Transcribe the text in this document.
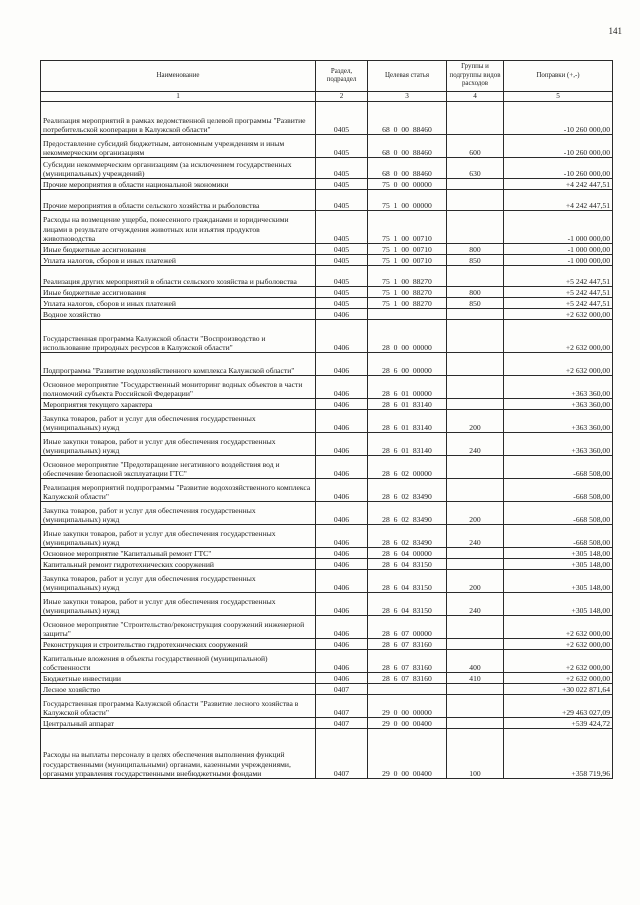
141
Наименование	Раздел, подраздел	Целевая статья	Группы и подгруппы видов расходов	Поправки (+,-)
1	2	3	4	5
Реализация мероприятий в рамках ведомственной целевой программы "Развитие потребительской кооперации в Калужской области"	0405	68 0 00 88460		-10 260 000,00
Предоставление субсидий бюджетным, автономным учреждениям и иным некоммерческим организациям	0405	68 0 00 88460	600	-10 260 000,00
Субсидии некоммерческим организациям (за исключением государственных (муниципальных) учреждений)	0405	68 0 00 88460	630	-10 260 000,00
Прочие мероприятия в области национальной экономики	0405	75 0 00 00000		+4 242 447,51
Прочие мероприятия в области сельского хозяйства и рыболовства	0405	75 1 00 00000		+4 242 447,51
Расходы на возмещение ущерба, понесенного гражданами и юридическими лицами в результате отчуждения животных или изъятия продуктов животноводства	0405	75 1 00 00710		-1 000 000,00
Иные бюджетные ассигнования	0405	75 1 00 00710	800	-1 000 000,00
Уплата налогов, сборов и иных платежей	0405	75 1 00 00710	850	-1 000 000,00
Реализация других мероприятий в области сельского хозяйства и рыболовства	0405	75 1 00 88270		+5 242 447,51
Иные бюджетные ассигнования	0405	75 1 00 88270	800	+5 242 447,51
Уплата налогов, сборов и иных платежей	0405	75 1 00 88270	850	+5 242 447,51
Водное хозяйство	0406			+2 632 000,00
Государственная программа Калужской области "Воспроизводство и использование природных ресурсов в Калужской области"	0406	28 0 00 00000		+2 632 000,00
Подпрограмма "Развитие водохозяйственного комплекса Калужской области"	0406	28 6 00 00000		+2 632 000,00
Основное мероприятие "Государственный мониторинг водных объектов в части полномочий субъекта Российской Федерации"	0406	28 6 01 00000		+363 360,00
Мероприятия текущего характера	0406	28 6 01 83140		+363 360,00
Закупка товаров, работ и услуг для обеспечения государственных (муниципальных) нужд	0406	28 6 01 83140	200	+363 360,00
Иные закупки товаров, работ и услуг для обеспечения государственных (муниципальных) нужд	0406	28 6 01 83140	240	+363 360,00
Основное мероприятие "Предотвращение негативного воздействия вод и обеспечение безопасной эксплуатации ГТС"	0406	28 6 02 00000		-668 508,00
Реализация мероприятий подпрограммы "Развитие водохозяйственного комплекса Калужской области"	0406	28 6 02 83490		-668 508,00
Закупка товаров, работ и услуг для обеспечения государственных (муниципальных) нужд	0406	28 6 02 83490	200	-668 508,00
Иные закупки товаров, работ и услуг для обеспечения государственных (муниципальных) нужд	0406	28 6 02 83490	240	-668 508,00
Основное мероприятие "Капитальный ремонт ГТС"	0406	28 6 04 00000		+305 148,00
Капитальный ремонт гидротехнических сооружений	0406	28 6 04 83150		+305 148,00
Закупка товаров, работ и услуг для обеспечения государственных (муниципальных) нужд	0406	28 6 04 83150	200	+305 148,00
Иные закупки товаров, работ и услуг для обеспечения государственных (муниципальных) нужд	0406	28 6 04 83150	240	+305 148,00
Основное мероприятие "Строительство/реконструкция сооружений инженерной защиты"	0406	28 6 07 00000		+2 632 000,00
Реконструкция и строительство гидротехнических сооружений	0406	28 6 07 83160		+2 632 000,00
Капитальные вложения в объекты государственной (муниципальной) собственности	0406	28 6 07 83160	400	+2 632 000,00
Бюджетные инвестиции	0406	28 6 07 83160	410	+2 632 000,00
Лесное хозяйство	0407			+30 022 871,64
Государственная программа Калужской области "Развитие лесного хозяйства в Калужской области"	0407	29 0 00 00000		+29 463 027,09
Центральный аппарат	0407	29 0 00 00400		+539 424,72
Расходы на выплаты персоналу в целях обеспечения выполнения функций государственными (муниципальными) органами, казенными учреждениями, органами управления государственными внебюджетными фондами	0407	29 0 00 00400	100	+358 719,96
